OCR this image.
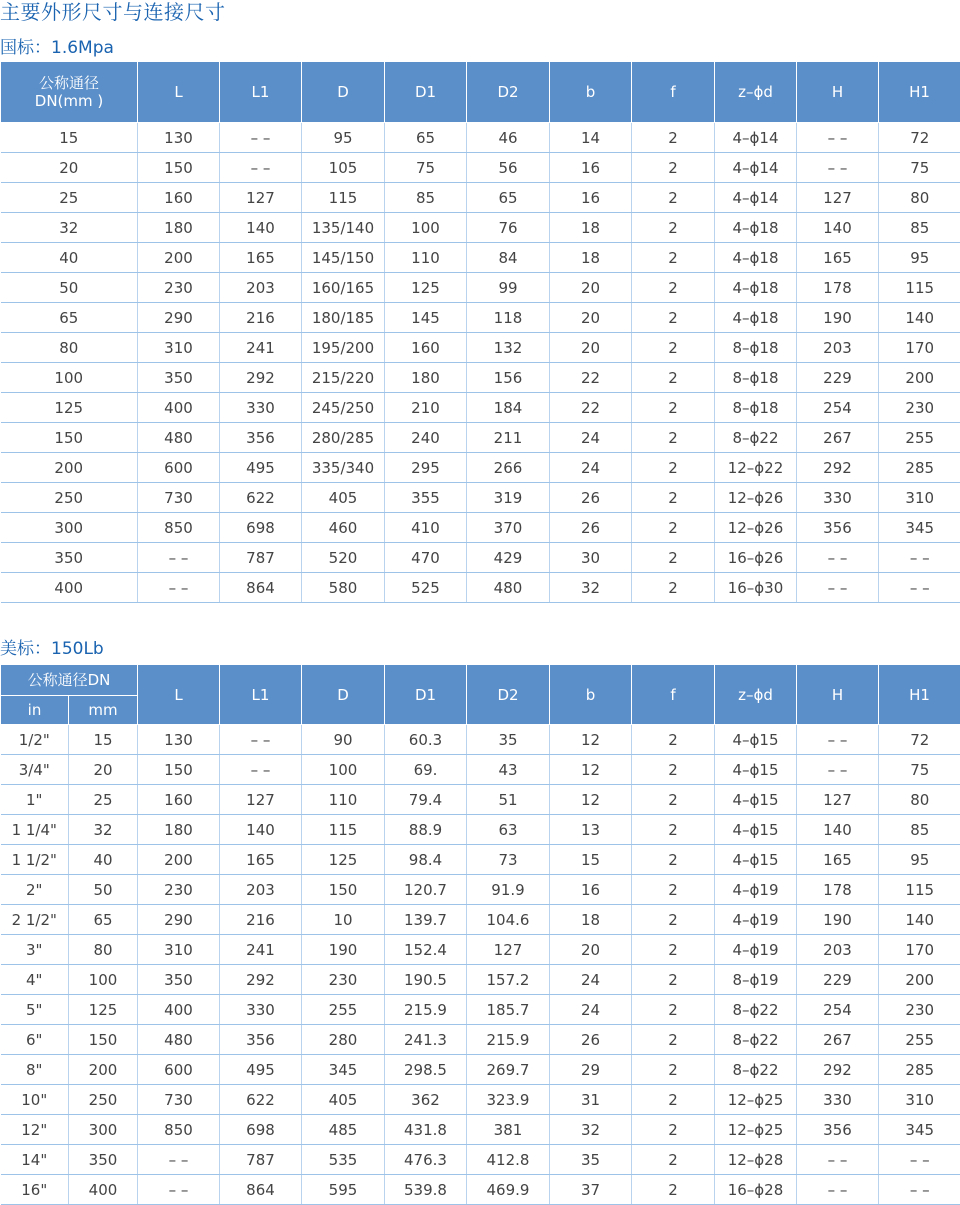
主要外形尺寸与连接尺寸
国标：1.6Mpa
公称通径
DN(mm )	L	L1	D	D1	D2	b	f	z–ϕd	H	H1
15	130	– –	95	65	46	14	2	4–ϕ14	– –	72
20	150	– –	105	75	56	16	2	4–ϕ14	– –	75
25	160	127	115	85	65	16	2	4–ϕ14	127	80
32	180	140	135/140	100	76	18	2	4–ϕ18	140	85
40	200	165	145/150	110	84	18	2	4–ϕ18	165	95
50	230	203	160/165	125	99	20	2	4–ϕ18	178	115
65	290	216	180/185	145	118	20	2	4–ϕ18	190	140
80	310	241	195/200	160	132	20	2	8–ϕ18	203	170
100	350	292	215/220	180	156	22	2	8–ϕ18	229	200
125	400	330	245/250	210	184	22	2	8–ϕ18	254	230
150	480	356	280/285	240	211	24	2	8–ϕ22	267	255
200	600	495	335/340	295	266	24	2	12–ϕ22	292	285
250	730	622	405	355	319	26	2	12–ϕ26	330	310
300	850	698	460	410	370	26	2	12–ϕ26	356	345
350	– –	787	520	470	429	30	2	16–ϕ26	– –	– –
400	– –	864	580	525	480	32	2	16–ϕ30	– –	– –
美标：150Lb
公称通径DN		L	L1	D	D1	D2	b	f	z–ϕd	H	H1
in	mm										
1/2"	15	130	– –	90	60.3	35	12	2	4–ϕ15	– –	72
3/4"	20	150	– –	100	69.	43	12	2	4–ϕ15	– –	75
1"	25	160	127	110	79.4	51	12	2	4–ϕ15	127	80
1 1/4"	32	180	140	115	88.9	63	13	2	4–ϕ15	140	85
1 1/2"	40	200	165	125	98.4	73	15	2	4–ϕ15	165	95
2"	50	230	203	150	120.7	91.9	16	2	4–ϕ19	178	115
2 1/2"	65	290	216	10	139.7	104.6	18	2	4–ϕ19	190	140
3"	80	310	241	190	152.4	127	20	2	4–ϕ19	203	170
4"	100	350	292	230	190.5	157.2	24	2	8–ϕ19	229	200
5"	125	400	330	255	215.9	185.7	24	2	8–ϕ22	254	230
6"	150	480	356	280	241.3	215.9	26	2	8–ϕ22	267	255
8"	200	600	495	345	298.5	269.7	29	2	8–ϕ22	292	285
10"	250	730	622	405	362	323.9	31	2	12–ϕ25	330	310
12"	300	850	698	485	431.8	381	32	2	12–ϕ25	356	345
14"	350	– –	787	535	476.3	412.8	35	2	12–ϕ28	– –	– –
16"	400	– –	864	595	539.8	469.9	37	2	16–ϕ28	– –	– –
